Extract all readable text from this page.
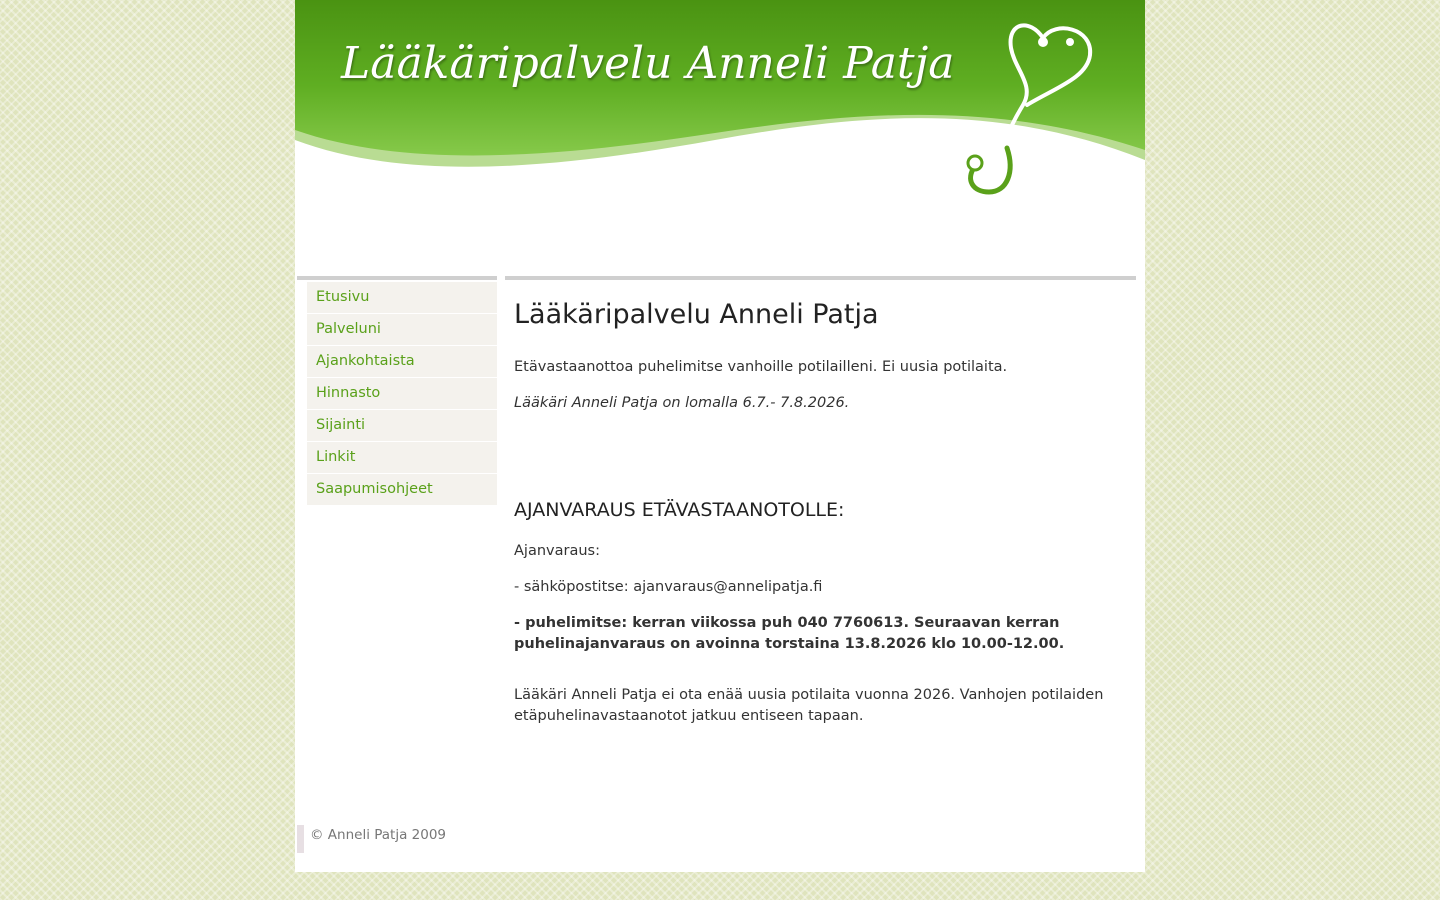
Lääkäripalvelu Anneli Patja
Etusivu
Palveluni
Ajankohtaista
Hinnasto
Sijainti
Linkit
Saapumisohjeet
Lääkäripalvelu Anneli Patja

Etävastaanottoa puhelimitse vanhoille potilailleni. Ei uusia potilaita.

Lääkäri Anneli Patja on lomalla 6.7.- 7.8.2026.

AJANVARAUS ETÄVASTAANOTOLLE:

Ajanvaraus:

- sähköpostitse: ajanvaraus@annelipatja.fi

- puhelimitse: kerran viikossa puh 040 7760613. Seuraavan kerran puhelinajanvaraus on avoinna torstaina 13.8.2026 klo 10.00-12.00.

Lääkäri Anneli Patja ei ota enää uusia potilaita vuonna 2026. Vanhojen potilaiden etäpuhelinavastaanotot jatkuu entiseen tapaan.

© Anneli Patja 2009
